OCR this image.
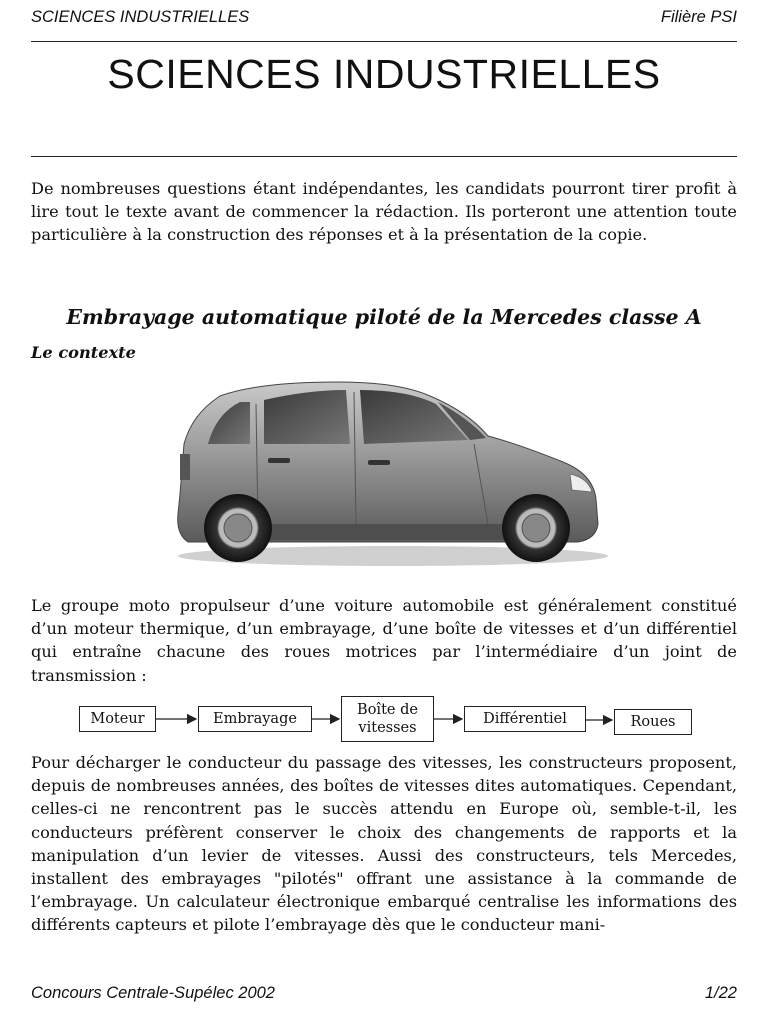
SCIENCES INDUSTRIELLES	Filière PSI
SCIENCES INDUSTRIELLES

De nombreuses questions étant indépendantes, les candidats pourront tirer profit à lire tout le texte avant de commencer la rédaction. Ils porteront une attention toute particulière à la construction des réponses et à la présentation de la copie.

Embrayage automatique piloté de la Mercedes classe A
Le contexte

Le groupe moto propulseur d’une voiture automobile est généralement constitué d’un moteur thermique, d’un embrayage, d’une boîte de vitesses et d’un différentiel qui entraîne chacune des roues motrices par l’intermédiaire d’un joint de transmission :

Moteur	Embrayage
Boîte de
vitesses
Différentiel	Roues

Pour décharger le conducteur du passage des vitesses, les constructeurs proposent, depuis de nombreuses années, des boîtes de vitesses dites automatiques. Cependant, celles-ci ne rencontrent pas le succès attendu en Europe où, semble-t-il, les conducteurs préfèrent conserver le choix des changements de rapports et la manipulation d’un levier de vitesses. Aussi des constructeurs, tels Mercedes, installent des embrayages "pilotés" offrant une assistance à la commande de l’embrayage. Un calculateur électronique embarqué centralise les informations des différents capteurs et pilote l’embrayage dès que le conducteur mani-

Concours Centrale-Supélec 2002	1/22
